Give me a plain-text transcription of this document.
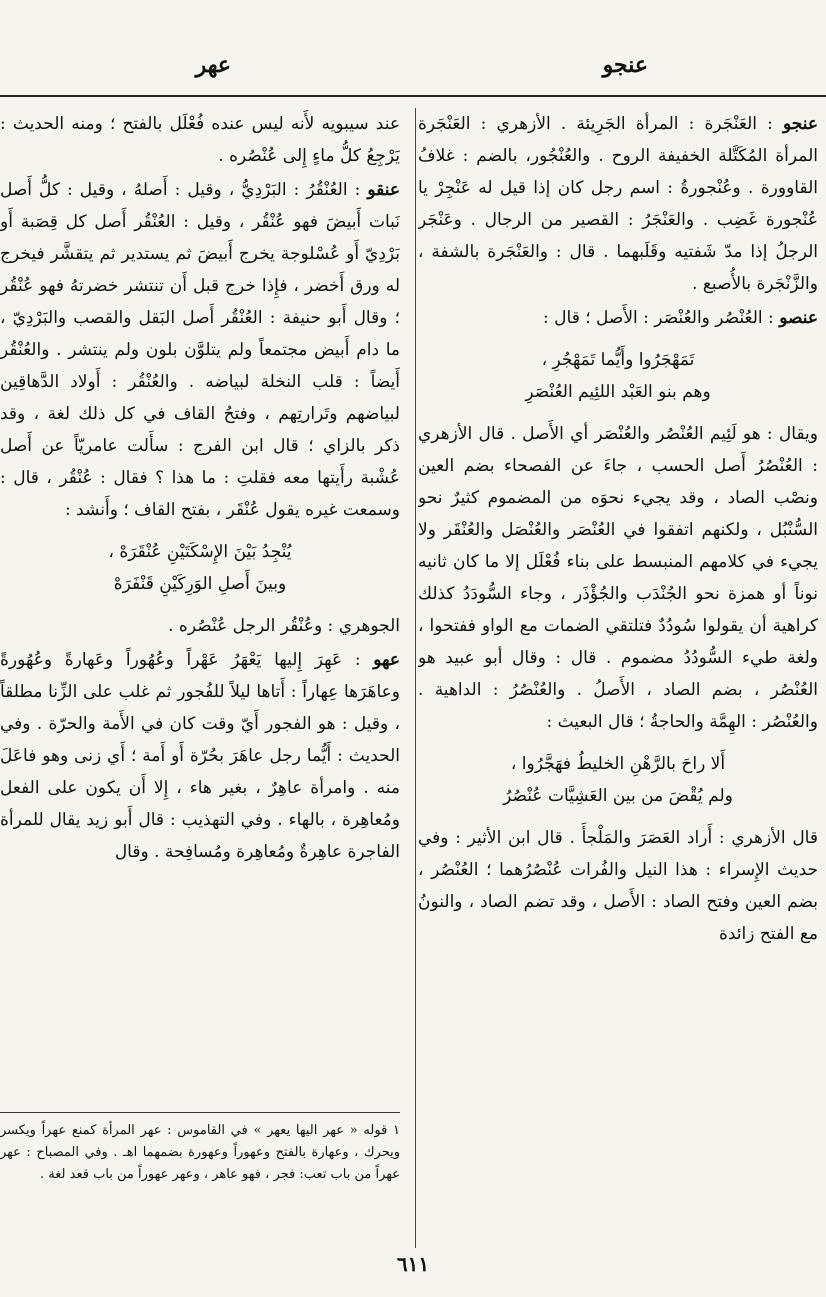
عنجو
عهر

عنجو : العَنْجَرة : المرأة الجَرِيئة . الأزهري : العَنْجَرة المرأة المُكَتَّلة الخفيفة الروح . والعُنْجُور، بالضم : غلافُ القاوورة . وعُنْجورةُ : اسم رجل كان إذا قيل له عَنْجِرْ يا عُنْجورة غَضِب . والعَنْجَرُ : القصير من الرجال . وعَنْجَر الرجلُ إذا مدّ شَفتيه وقَلَبهما . قال : والعَنْجَرة بالشفة ، والزَّنْجَرة بالأُصبع .

عنصو : العُنْصُر والعُنْصَر : الأَصل ؛ قال :

تَمَهْجَرُوا وأَيُّما تَمَهْجُرِ ،
وهم بنو العَبْد اللئِيم العُنْصَرِ

ويقال : هو لَئِيم العُنْصُر والعُنْصَر أي الأَصل . قال الأزهري : العُنْصُرُ أَصل الحسب ، جاءَ عن الفصحاء بضم العين ونصْب الصاد ، وقد يجيء نحوَه من المضموم كثيرٌ نحو السُّنْبُل ، ولكنهم اتفقوا في العُنْصَر والعُنْصَل والعُنْقَر ولا يجيء في كلامهم المنبسط على بناء فُعْلَل إلا ما كان ثانيه نوناً أو همزة نحو الجُنْدَب والجُؤْذَر ، وجاء السُّودَدُ كذلك كراهية أن يقولوا سُودُدٌ فتلتقي الضمات مع الواو ففتحوا ، ولغة طيء السُّودُدُ مضموم . قال : وقال أبو عبيد هو العُنْصُر ، بضم الصاد ، الأَصلُ . والعُنْصُرُ : الداهية . والعُنْصُر : الهِمَّة والحاجةُ ؛ قال البعيث :

أَلا راحَ بالرَّهْنِ الخليطُ فهَجَّرُوا ،
ولم يُقْضَ من بين العَشِيَّات عُنْصُرُ

قال الأزهري : أَراد العَصَرَ والمَلْجأَ . قال ابن الأثير : وفي حديث الإِسراء : هذا النيل والفُرات عُنْصُرُهما ؛ العُنْصُر ، بضم العين وفتح الصاد : الأَصل ، وقد تضم الصاد ، والنونُ مع الفتح زائدة

عند سيبويه لأَنه ليس عنده فُعْلَل بالفتح ؛ ومنه الحديث : يَرْجِعُ كلُّ ماءٍ إِلى عُنْصُره .

عنقو : العُنْقُرُ : البَرْدِيُّ ، وقيل : أَصلهُ ، وقيل : كلُّ أَصل نَبات أَبيضَ فهو عُنْقُر ، وقيل : العُنْقُر أَصل كل قِصَبة أَو بَرْدِيّ أَو عُسْلوجة يخرج أَبيضَ ثم يستدير ثم يتقشَّر فيخرج له ورق أَخضر ، فإِذا خرج قبل أَن تنتشر خضرتهُ فهو عُنْقُر ؛ وقال أَبو حنيفة : العُنْقُر أَصل البَقل والقصب والبَرْدِيّ ، ما دام أَبيض مجتمعاً ولم يتلوَّن بلون ولم ينتشر . والعُنْقُر أَيضاً : قلب النخلة لبياضه . والعُنْقُر : أَولاد الدَّهاقِين لبياضهم وتَرارتِهم ، وفتحُ القاف في كل ذلك لغة ، وقد ذكر بالزاي ؛ قال ابن الفرج : سأَلت عامريّاً عن أَصل عُشْبة رأَيتها معه فقلتِ : ما هذا ؟ فقال : عُنْقُر ، قال : وسمعت غيره يقول عُنْقَر ، بفتح القاف ؛ وأَنشد :

يُنْجِدُ بَيْنَ الإِسْكَتَيْنِ عُنْقَرَهْ ،
وبينَ أَصلِ الوَرِكَيْنِ قَنْفَرَهْ

الجوهري : وعُنْقُر الرجل عُنْصُره .

عهو : عَهِرَ إِليها يَعْهَرُ عَهْراً وعُهُوراً وعَهارةً وعُهُورةً وعاهَرَها عِهاراً : أَتاها ليلاً للفُجور ثم غلب على الزِّنا مطلقاً ، وقيل : هو الفجور أَيّ وقت كان في الأَمة والحرّة . وفي الحديث : أَيُّما رجل عاهَرَ بحُرّة أَو أَمة ؛ أَي زنى وهو فاعَلَ منه . وامرأة عاهِرٌ ، بغير هاء ، إِلا أَن يكون على الفعل ومُعاهِرة ، بالهاء . وفي التهذيب : قال أَبو زيد يقال للمرأة الفاجرة عاهِرةٌ ومُعاهِرة ومُسافِحة . وقال

١ قوله « عهر اليها يعهر » في القاموس : عهر المرأة كمنع عهراً ويكسر ويحرك ، وعهارة بالفتح وعهوراً وعهورة بضمهما اهـ . وفي المصباح : عهر عهراً من باب تعب: فجر ، فهو عاهر ، وعهر عهوراً من باب قعد لغة .
٦١١
